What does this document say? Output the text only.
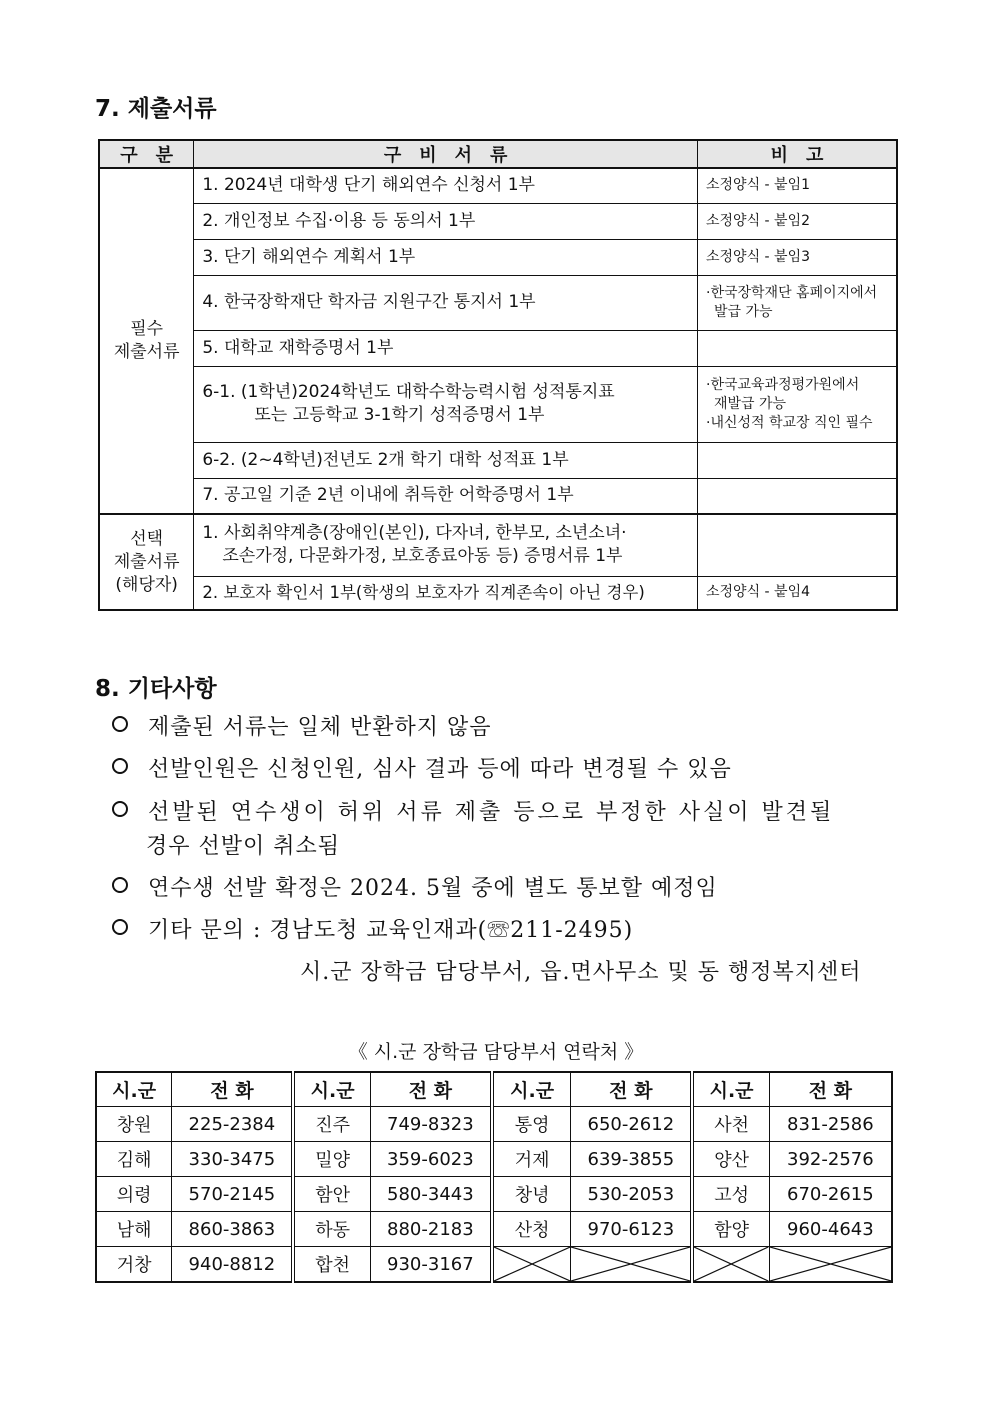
7. 제출서류
구　분	구　비　서　류	비　고
필수
제출서류	1. 2024년 대학생 단기 해외연수 신청서 1부	소정양식 - 붙임1
	2. 개인정보 수집·이용 등 동의서 1부	소정양식 - 붙임2
	3. 단기 해외연수 계획서 1부	소정양식 - 붙임3
	4. 한국장학재단 학자금 지원구간 통지서 1부	·한국장학재단 홈페이지에서
발급 가능

	5. 대학교 재학증명서 1부	
	6-1. (1학년)2024학년도 대학수학능력시험 성적통지표
또는 고등학교 3-1학기 성적증명서 1부	·한국교육과정평가원에서
재발급 가능
·내신성적 학교장 직인 필수
	6-2. (2~4학년)전년도 2개 학기 대학 성적표 1부	
	7. 공고일 기준 2년 이내에 취득한 어학증명서 1부	
선택
제출서류
(해당자)	1. 사회취약계층(장애인(본인), 다자녀, 한부모, 소년소녀·
조손가정, 다문화가정, 보호종료아동 등) 증명서류 1부	

	2. 보호자 확인서 1부(학생의 보호자가 직계존속이 아닌 경우)	소정양식 - 붙임4
8. 기타사항
제출된 서류는 일체 반환하지 않음
선발인원은 신청인원, 심사 결과 등에 따라 변경될 수 있음
선발된 연수생이 허위 서류 제출 등으로 부정한 사실이 발견될
경우 선발이 취소됨
연수생 선발 확정은 2024. 5월 중에 별도 통보할 예정임
기타 문의 : 경남도청 교육인재과(☏211-2495)
시.군 장학금 담당부서, 읍.면사무소 및 동 행정복지센터
《 시.군 장학금 담당부서 연락처 》
시.군	전 화	시.군	전 화	시.군	전 화	시.군	전 화
창원	225-2384	진주	749-8323	통영	650-2612	사천	831-2586
김해	330-3475	밀양	359-6023	거제	639-3855	양산	392-2576
의령	570-2145	함안	580-3443	창녕	530-2053	고성	670-2615
남해	860-3863	하동	880-2183	산청	970-6123	함양	960-4643
거창	940-8812	합천	930-3167	
